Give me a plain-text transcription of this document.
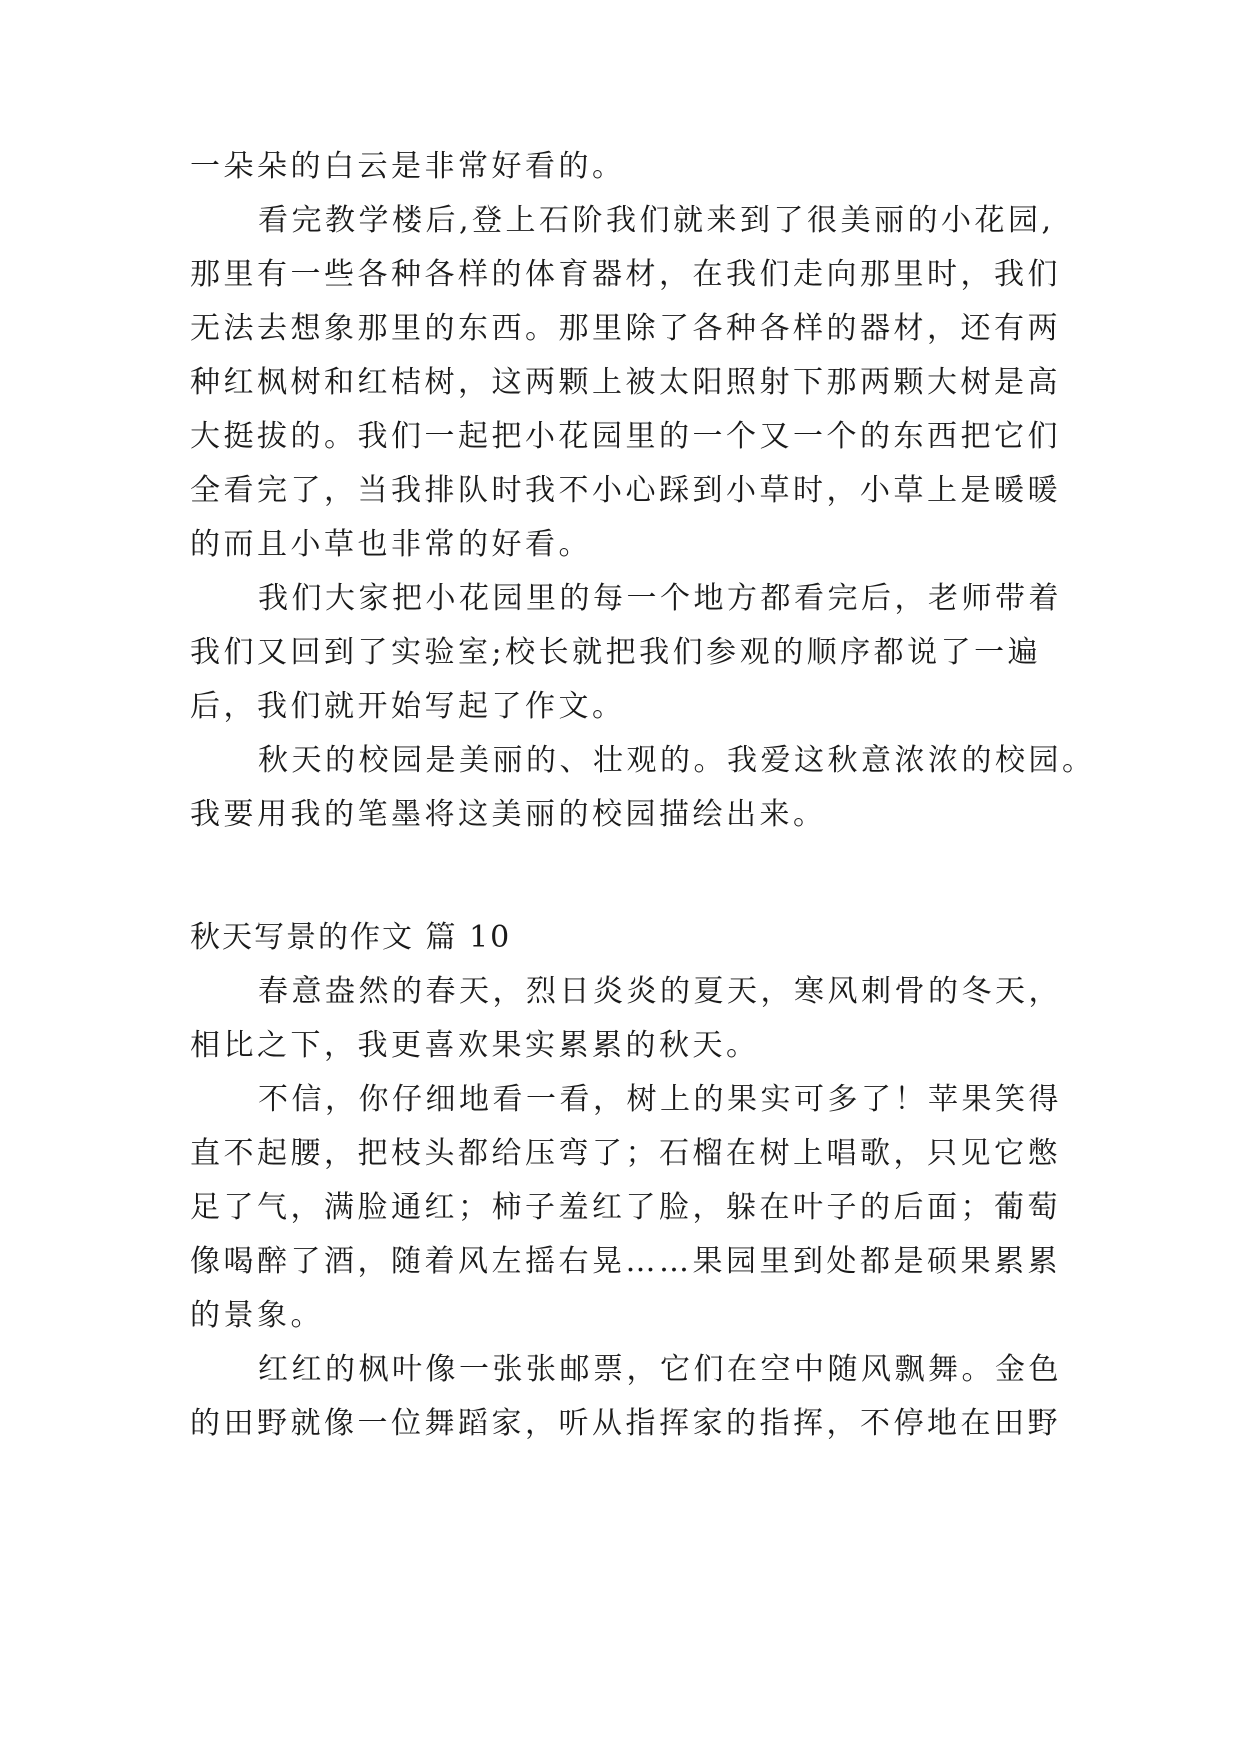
一朵朵的白云是非常好看的。
看完教学楼后,登上石阶我们就来到了很美丽的小花园,
那里有一些各种各样的体育器材，在我们走向那里时，我们
无法去想象那里的东西。那里除了各种各样的器材，还有两
种红枫树和红桔树，这两颗上被太阳照射下那两颗大树是高
大挺拔的。我们一起把小花园里的一个又一个的东西把它们
全看完了，当我排队时我不小心踩到小草时，小草上是暖暖
的而且小草也非常的好看。
我们大家把小花园里的每一个地方都看完后，老师带着
我们又回到了实验室;校长就把我们参观的顺序都说了一遍
后，我们就开始写起了作文。
秋天的校园是美丽的、壮观的。我爱这秋意浓浓的校园。
我要用我的笔墨将这美丽的校园描绘出来。
秋天写景的作文 篇 10
春意盎然的春天，烈日炎炎的夏天，寒风刺骨的冬天，
相比之下，我更喜欢果实累累的秋天。
不信，你仔细地看一看，树上的果实可多了！苹果笑得
直不起腰，把枝头都给压弯了；石榴在树上唱歌，只见它憋
足了气，满脸通红；柿子羞红了脸，躲在叶子的后面；葡萄
像喝醉了酒，随着风左摇右晃……果园里到处都是硕果累累
的景象。
红红的枫叶像一张张邮票，它们在空中随风飘舞。金色
的田野就像一位舞蹈家，听从指挥家的指挥，不停地在田野
